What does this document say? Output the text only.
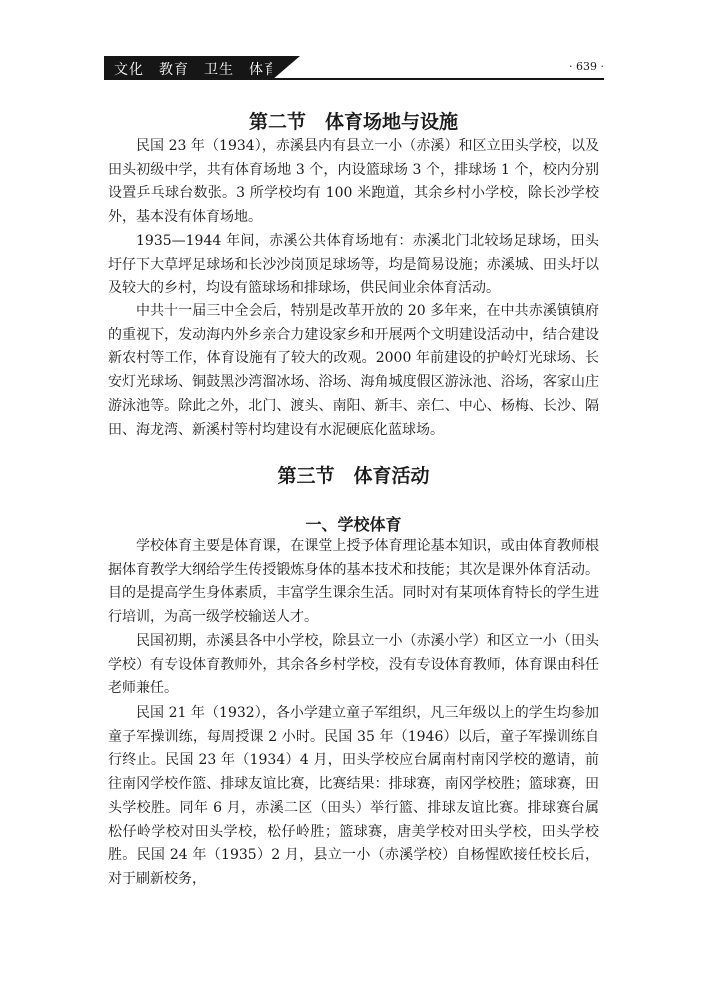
文化　教育　卫生　体育	· 639 ·
第二节　体育场地与设施

民国 23 年（1934），赤溪县内有县立一小（赤溪）和区立田头学校，以及田头初级中学，共有体育场地 3 个，内设篮球场 3 个，排球场 1 个，校内分别设置乒乓球台数张。3 所学校均有 100 米跑道，其余乡村小学校，除长沙学校外，基本没有体育场地。

1935—1944 年间，赤溪公共体育场地有：赤溪北门北较场足球场，田头圩仔下大草坪足球场和长沙沙岗顶足球场等，均是简易设施；赤溪城、田头圩以及较大的乡村，均设有篮球场和排球场，供民间业余体育活动。

中共十一届三中全会后，特别是改革开放的 20 多年来，在中共赤溪镇镇府的重视下，发动海内外乡亲合力建设家乡和开展两个文明建设活动中，结合建设新农村等工作，体育设施有了较大的改观。2000 年前建设的护岭灯光球场、长安灯光球场、铜鼓黑沙湾溜冰场、浴场、海角城度假区游泳池、浴场，客家山庄游泳池等。除此之外，北门、渡头、南阳、新丰、亲仁、中心、杨梅、长沙、隔田、海龙湾、新溪村等村均建设有水泥硬底化蓝球场。

第三节　体育活动
一、学校体育

学校体育主要是体育课，在课堂上授予体育理论基本知识，或由体育教师根据体育教学大纲给学生传授锻炼身体的基本技术和技能；其次是课外体育活动。目的是提高学生身体素质，丰富学生课余生活。同时对有某项体育特长的学生进行培训，为高一级学校输送人才。

民国初期，赤溪县各中小学校，除县立一小（赤溪小学）和区立一小（田头学校）有专设体育教师外，其余各乡村学校，没有专设体育教师，体育课由科任老师兼任。

民国 21 年（1932），各小学建立童子军组织，凡三年级以上的学生均参加童子军操训练，每周授课 2 小时。民国 35 年（1946）以后，童子军操训练自行终止。民国 23 年（1934）4 月，田头学校应台属南村南冈学校的邀请，前往南冈学校作篮、排球友谊比赛，比赛结果：排球赛，南冈学校胜；篮球赛，田头学校胜。同年 6 月，赤溪二区（田头）举行篮、排球友谊比赛。排球赛台属松仔岭学校对田头学校，松仔岭胜；篮球赛，唐美学校对田头学校，田头学校胜。民国 24 年（1935）2 月，县立一小（赤溪学校）自杨惺欧接任校长后，对于刷新校务，
